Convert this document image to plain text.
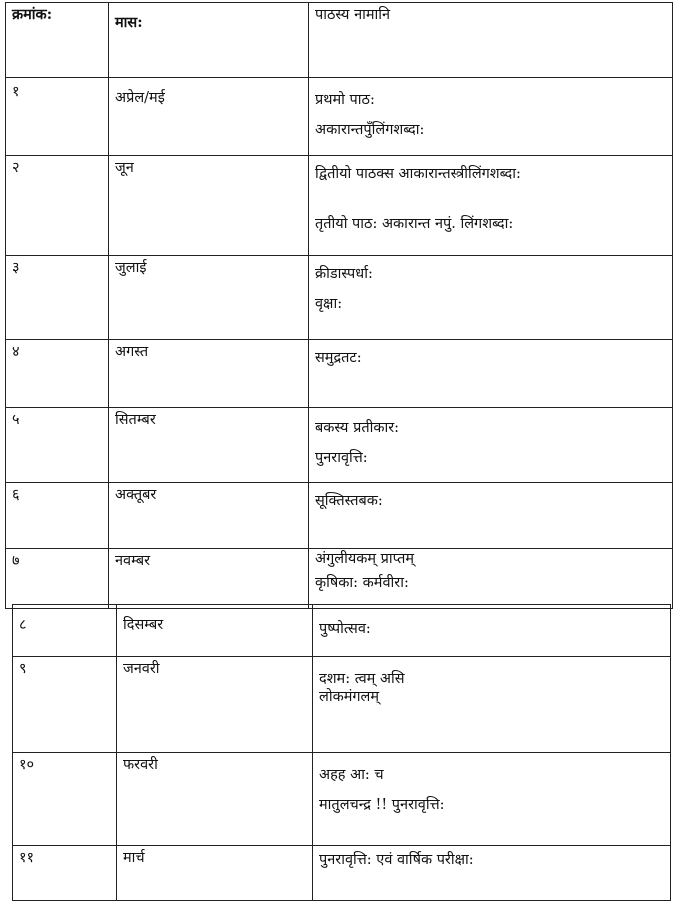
क्रमांक:	मास:	पाठस्य नामानि

१	अप्रेल/मई	प्रथमो पाठ:
अकारान्तपुँलिंगशब्दा:

२	जून	द्वितीयो पाठक्स आकारान्तस्त्रीलिंगशब्दा:
तृतीयो पाठ: अकारान्त नपुं. लिंगशब्दा:

३	जुलाई	क्रीडास्पर्धा:
वृक्षा:

४	अगस्त	समुद्रतट:

५	सितम्बर	बकस्य प्रतीकार:
पुनरावृत्ति:

६	अक्तूबर	सूक्तिस्तबक:

७	नवम्बर	अंगुलीयकम् प्राप्तम्
कृषिका: कर्मवीरा:
८	दिसम्बर	पुष्पोत्सव:

९	जनवरी	दशम: त्वम् असि
लोकमंगलम्

१०	फरवरी	अहह आ: च
मातुलचन्द्र !! पुनरावृत्ति:

११	मार्च	पुनरावृत्ति: एवं वार्षिक परीक्षा:
